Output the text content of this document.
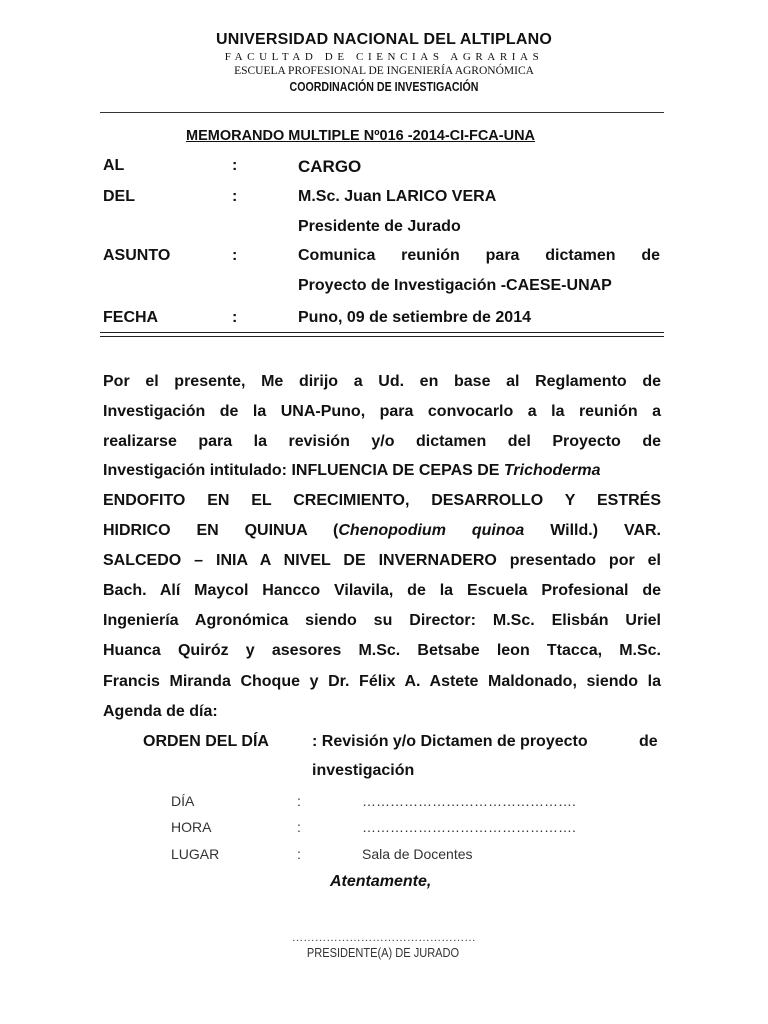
UNIVERSIDAD NACIONAL DEL ALTIPLANO
FACULTAD DE CIENCIAS AGRARIAS
ESCUELA PROFESIONAL DE INGENIERÍA AGRONÓMICA
COORDINACIÓN DE INVESTIGACIÓN
MEMORANDO MULTIPLE Nº016 -2014-CI-FCA-UNA
AL	:	CARGO
DEL	:	M.Sc. Juan LARICO VERA
Presidente de Jurado
ASUNTO	:	Comunica reunión para dictamen de
Proyecto de Investigación -CAESE-UNAP
FECHA	:	Puno, 09 de setiembre de 2014
Por el presente, Me dirijo a Ud. en base al Reglamento de
Investigación de la UNA-Puno, para convocarlo a la reunión a
realizarse para la revisión y/o dictamen del Proyecto de
Investigación intitulado: INFLUENCIA DE CEPAS DE Trichoderma
ENDOFITO EN EL CRECIMIENTO, DESARROLLO Y ESTRÉS
HIDRICO EN QUINUA (Chenopodium quinoa Willd.) VAR.
SALCEDO – INIA A NIVEL DE INVERNADERO presentado por el
Bach. Alí Maycol Hancco Vilavila, de la Escuela Profesional de
Ingeniería Agronómica siendo su Director: M.Sc. Elisbán Uriel
Huanca Quiróz y asesores M.Sc. Betsabe leon Ttacca, M.Sc.
Francis Miranda Choque y Dr. Félix A. Astete Maldonado, siendo la
Agenda de día:
ORDEN DEL DÍA	: Revisión y/o Dictamen de proyecto	de
investigación
DÍA	:	……………………………………….
HORA	:	……………………………………….
LUGAR	:	Sala de Docentes
Atentamente,
…………………………………………
PRESIDENTE(A) DE JURADO
